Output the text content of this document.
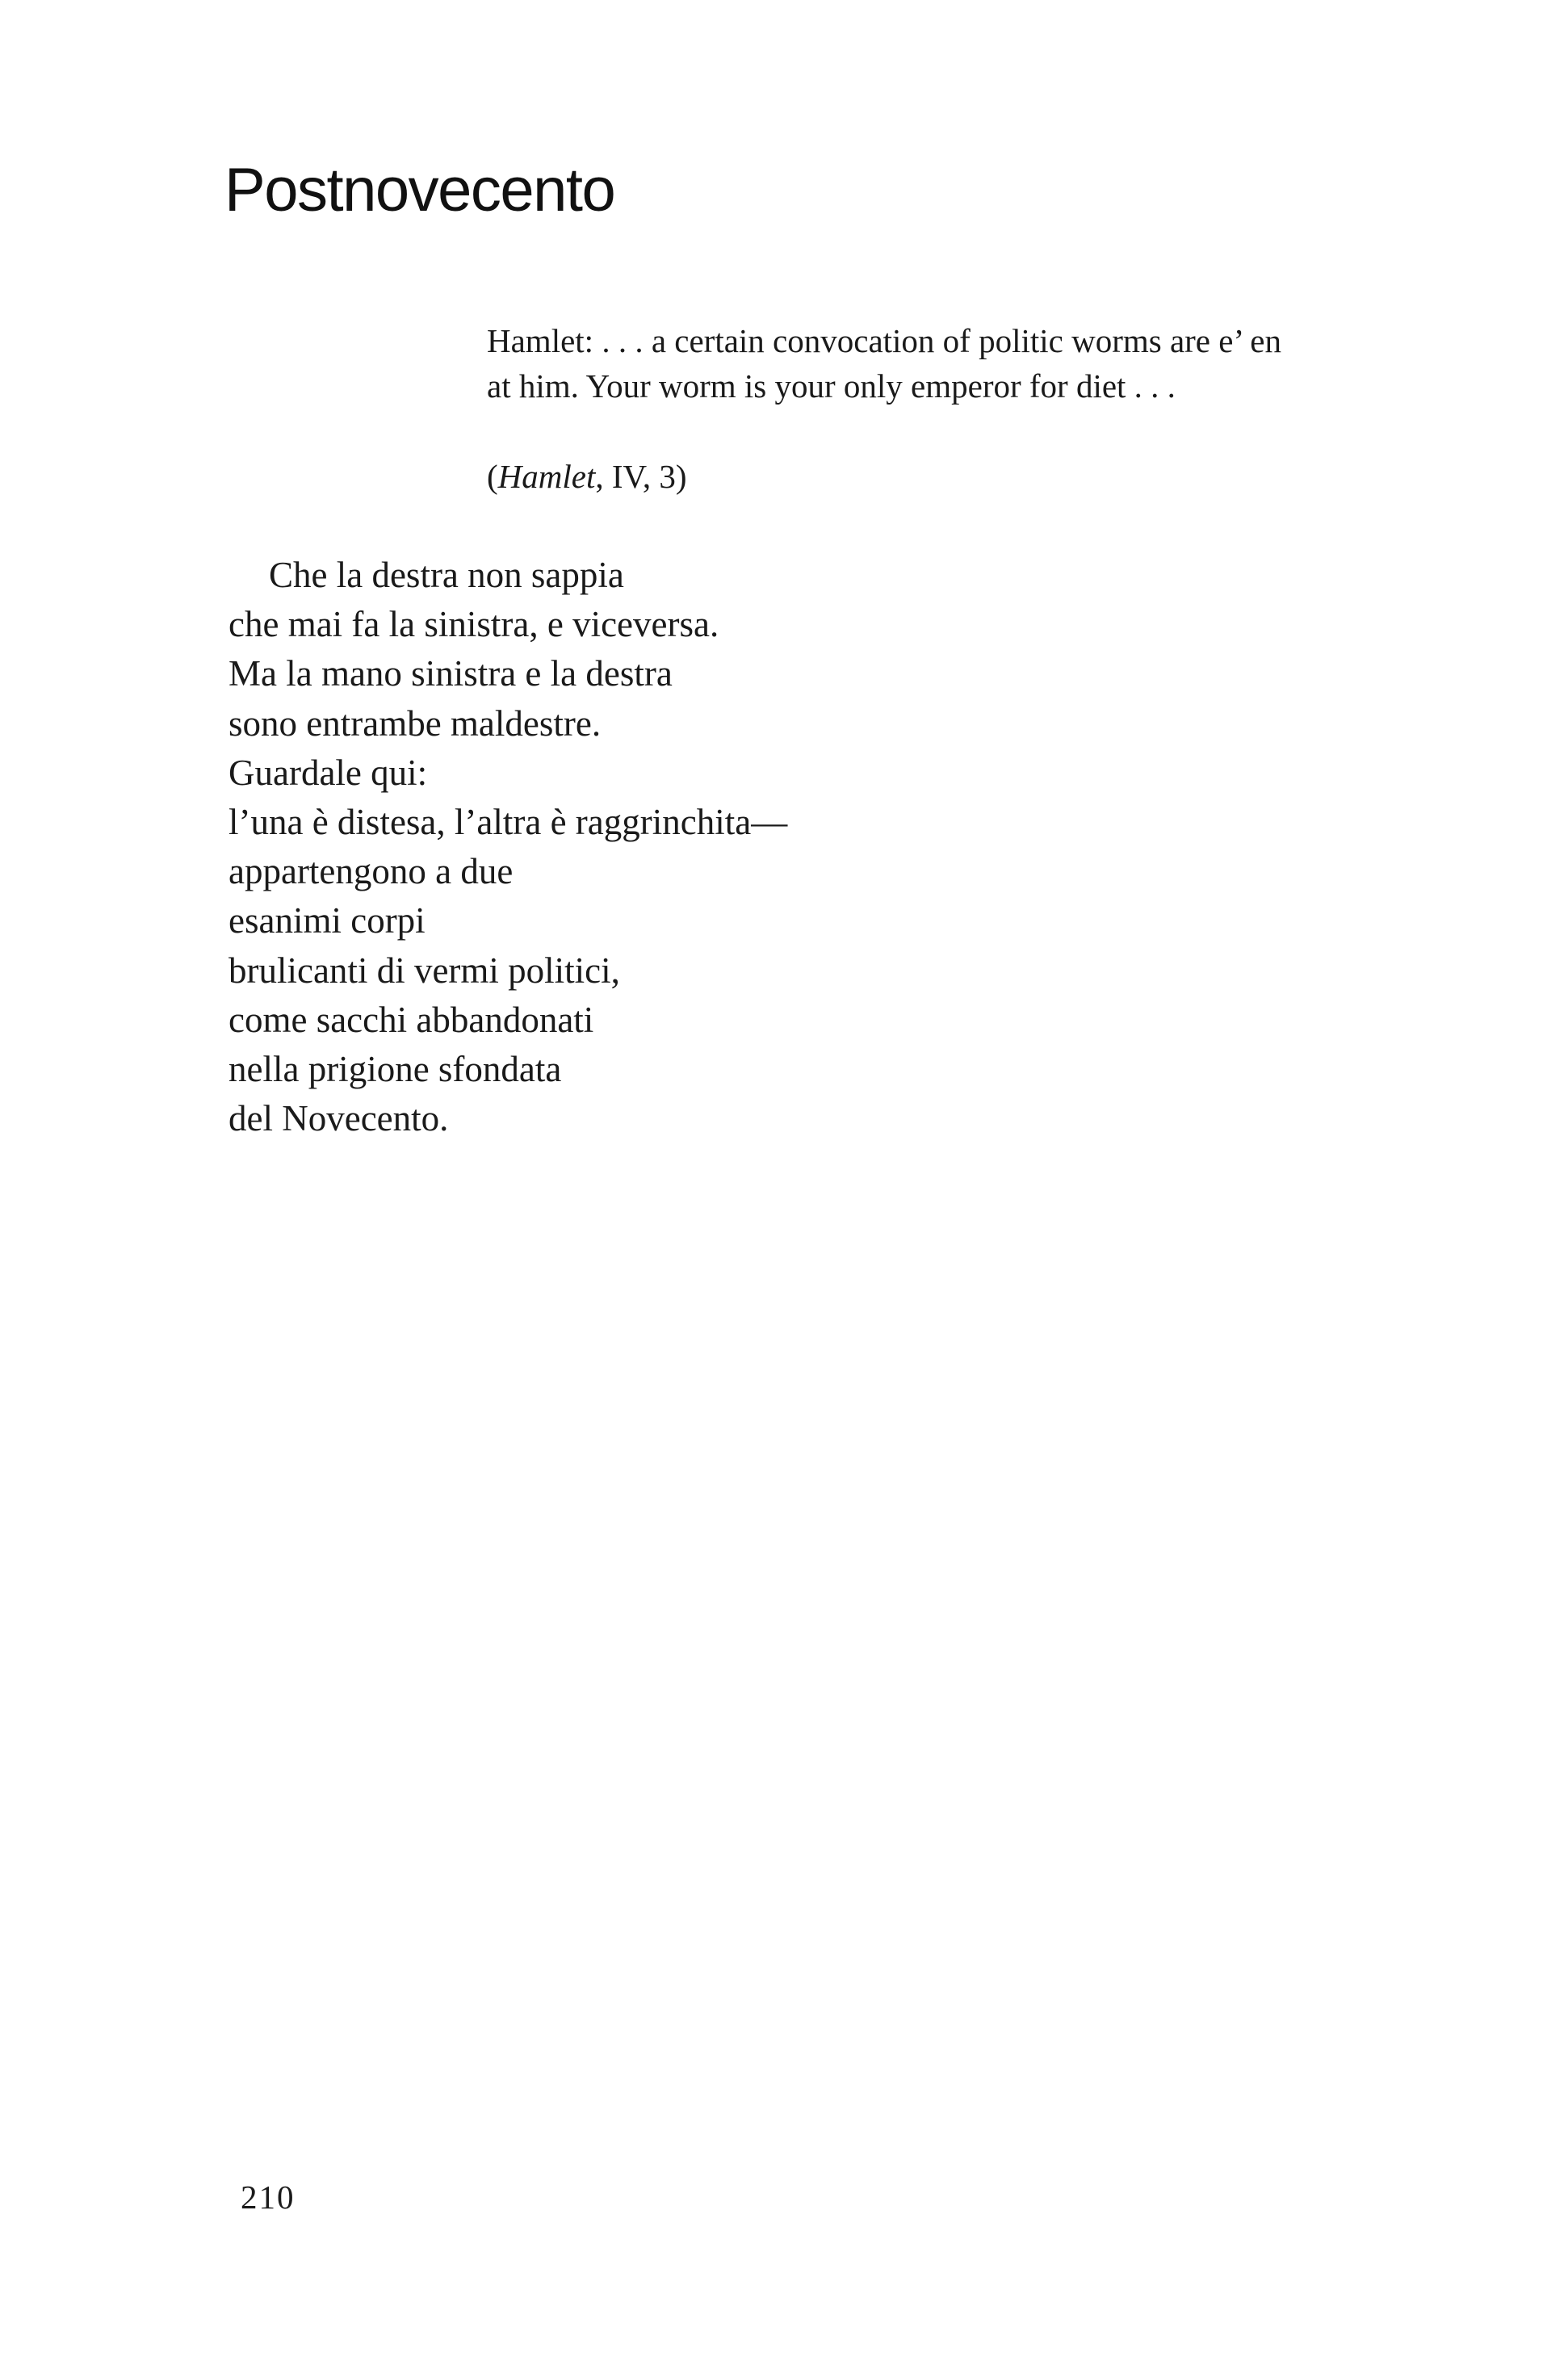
Postnovecento

Hamlet: . . . a certain convocation of politic worms are e’ en
at him. Your worm is your only emperor for diet . . .

(Hamlet, IV, 3)

Che la destra non sappia
che mai fa la sinistra, e viceversa.
Ma la mano sinistra e la destra
sono entrambe maldestre.
Guardale qui:
l’una è distesa, l’altra è raggrinchita—
appartengono a due
esanimi corpi
brulicanti di vermi politici,
come sacchi abbandonati
nella prigione sfondata
del Novecento.
210
